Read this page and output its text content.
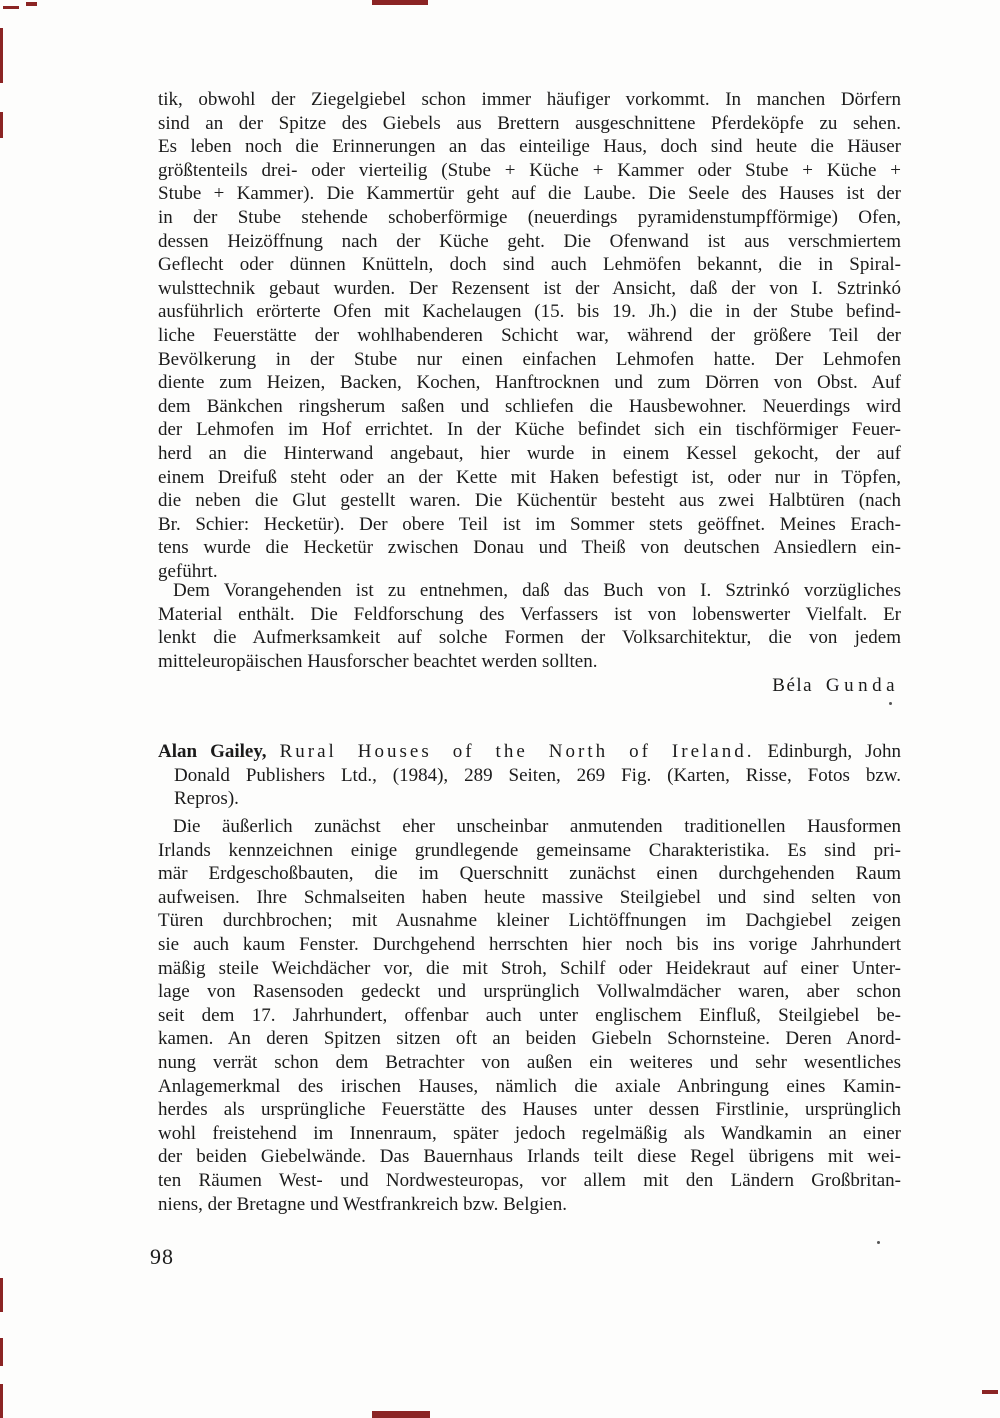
tik, obwohl der Ziegelgiebel schon immer häufiger vorkommt. In manchen Dörfern
sind an der Spitze des Giebels aus Brettern ausgeschnittene Pferdeköpfe zu sehen.
Es leben noch die Erinnerungen an das einteilige Haus, doch sind heute die Häuser
größtenteils drei- oder vierteilig (Stube + Küche + Kammer oder Stube + Küche +
Stube + Kammer). Die Kammertür geht auf die Laube. Die Seele des Hauses ist der
in der Stube stehende schoberförmige (neuerdings pyramidenstumpfförmige) Ofen,
dessen Heizöffnung nach der Küche geht. Die Ofenwand ist aus verschmiertem
Geflecht oder dünnen Knütteln, doch sind auch Lehmöfen bekannt, die in Spiral-
wulsttechnik gebaut wurden. Der Rezensent ist der Ansicht, daß der von I. Sztrinkó
ausführlich erörterte Ofen mit Kachelaugen (15. bis 19. Jh.) die in der Stube befind-
liche Feuerstätte der wohlhabenderen Schicht war, während der größere Teil der
Bevölkerung in der Stube nur einen einfachen Lehmofen hatte. Der Lehmofen
diente zum Heizen, Backen, Kochen, Hanftrocknen und zum Dörren von Obst. Auf
dem Bänkchen ringsherum saßen und schliefen die Hausbewohner. Neuerdings wird
der Lehmofen im Hof errichtet. In der Küche befindet sich ein tischförmiger Feuer-
herd an die Hinterwand angebaut, hier wurde in einem Kessel gekocht, der auf
einem Dreifuß steht oder an der Kette mit Haken befestigt ist, oder nur in Töpfen,
die neben die Glut gestellt waren. Die Küchentür besteht aus zwei Halbtüren (nach
Br. Schier: Hecketür). Der obere Teil ist im Sommer stets geöffnet. Meines Erach-
tens wurde die Hecketür zwischen Donau und Theiß von deutschen Ansiedlern ein-
geführt.
Dem Vorangehenden ist zu entnehmen, daß das Buch von I. Sztrinkó vorzügliches
Material enthält. Die Feldforschung des Verfassers ist von lobenswerter Vielfalt. Er
lenkt die Aufmerksamkeit auf solche Formen der Volksarchitektur, die von jedem
mitteleuropäischen Hausforscher beachtet werden sollten.
Béla Gunda
Alan Gailey, Rural Houses of the North of Ireland. Edinburgh, John
Donald Publishers Ltd., (1984), 289 Seiten, 269 Fig. (Karten, Risse, Fotos bzw.
Repros).
Die äußerlich zunächst eher unscheinbar anmutenden traditionellen Hausformen
Irlands kennzeichnen einige grundlegende gemeinsame Charakteristika. Es sind pri-
mär Erdgeschoßbauten, die im Querschnitt zunächst einen durchgehenden Raum
aufweisen. Ihre Schmalseiten haben heute massive Steilgiebel und sind selten von
Türen durchbrochen; mit Ausnahme kleiner Lichtöffnungen im Dachgiebel zeigen
sie auch kaum Fenster. Durchgehend herrschten hier noch bis ins vorige Jahrhundert
mäßig steile Weichdächer vor, die mit Stroh, Schilf oder Heidekraut auf einer Unter-
lage von Rasensoden gedeckt und ursprünglich Vollwalmdächer waren, aber schon
seit dem 17. Jahrhundert, offenbar auch unter englischem Einfluß, Steilgiebel be-
kamen. An deren Spitzen sitzen oft an beiden Giebeln Schornsteine. Deren Anord-
nung verrät schon dem Betrachter von außen ein weiteres und sehr wesentliches
Anlagemerkmal des irischen Hauses, nämlich die axiale Anbringung eines Kamin-
herdes als ursprüngliche Feuerstätte des Hauses unter dessen Firstlinie, ursprünglich
wohl freistehend im Innenraum, später jedoch regelmäßig als Wandkamin an einer
der beiden Giebelwände. Das Bauernhaus Irlands teilt diese Regel übrigens mit wei-
ten Räumen West- und Nordwesteuropas, vor allem mit den Ländern Großbritan-
niens, der Bretagne und Westfrankreich bzw. Belgien.
98
